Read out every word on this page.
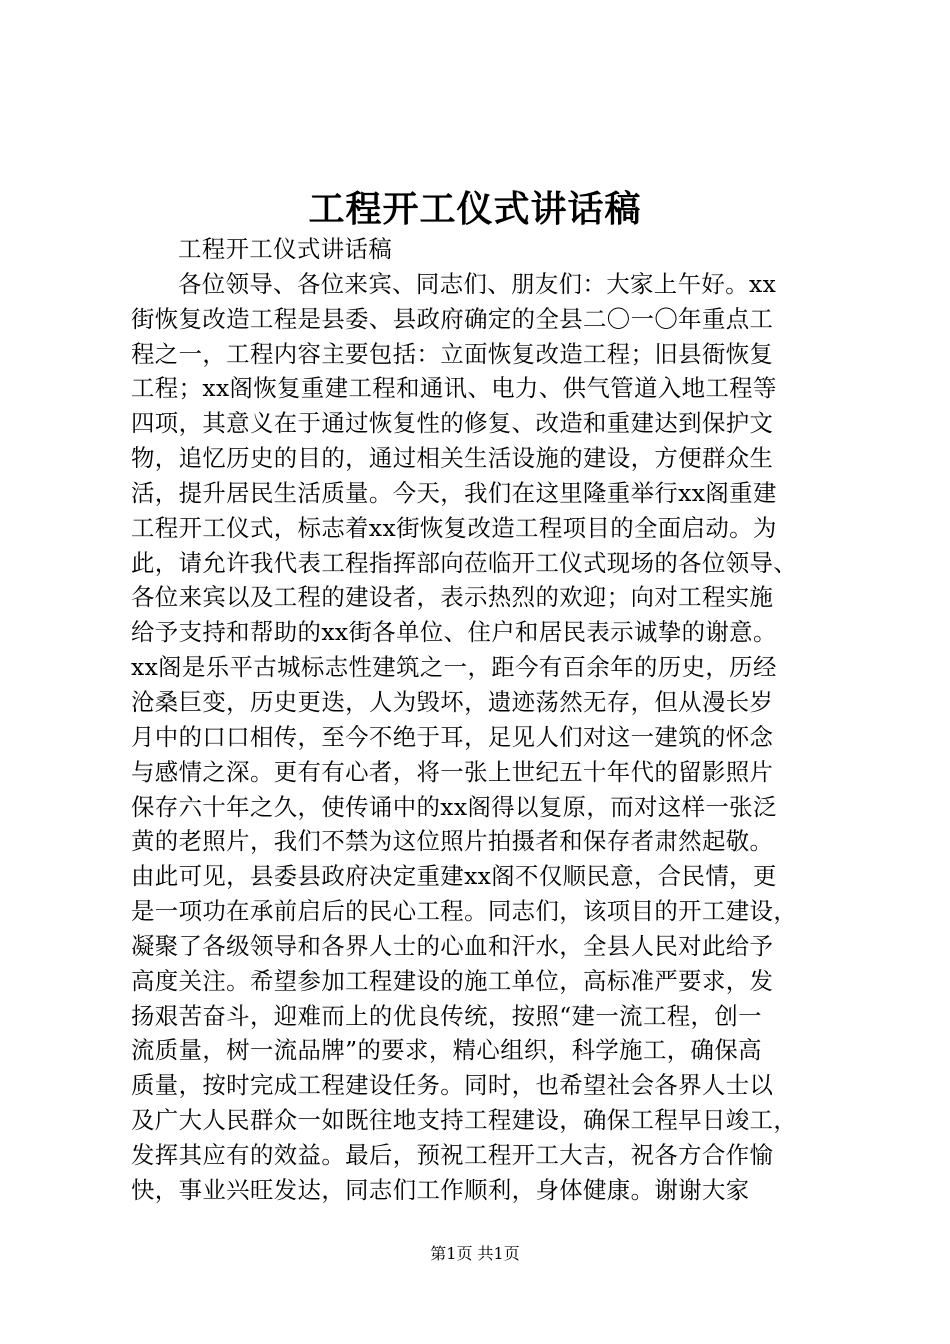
工程开工仪式讲话稿
工程开工仪式讲话稿
各位领导、各位来宾、同志们、朋友们：大家上午好。xx
街恢复改造工程是县委、县政府确定的全县二〇一〇年重点工
程之一，工程内容主要包括：立面恢复改造工程；旧县衙恢复
工程；xx阁恢复重建工程和通讯、电力、供气管道入地工程等
四项，其意义在于通过恢复性的修复、改造和重建达到保护文
物，追忆历史的目的，通过相关生活设施的建设，方便群众生
活，提升居民生活质量。今天，我们在这里隆重举行xx阁重建
工程开工仪式，标志着xx街恢复改造工程项目的全面启动。为
此，请允许我代表工程指挥部向莅临开工仪式现场的各位领导、
各位来宾以及工程的建设者，表示热烈的欢迎；向对工程实施
给予支持和帮助的xx街各单位、住户和居民表示诚挚的谢意。
xx阁是乐平古城标志性建筑之一，距今有百余年的历史，历经
沧桑巨变，历史更迭，人为毁坏，遗迹荡然无存，但从漫长岁
月中的口口相传，至今不绝于耳，足见人们对这一建筑的怀念
与感情之深。更有有心者，将一张上世纪五十年代的留影照片
保存六十年之久，使传诵中的xx阁得以复原，而对这样一张泛
黄的老照片，我们不禁为这位照片拍摄者和保存者肃然起敬。
由此可见，县委县政府决定重建xx阁不仅顺民意，合民情，更
是一项功在承前启后的民心工程。同志们，该项目的开工建设，
凝聚了各级领导和各界人士的心血和汗水，全县人民对此给予
高度关注。希望参加工程建设的施工单位，高标准严要求，发
扬艰苦奋斗，迎难而上的优良传统，按照“建一流工程，创一
流质量，树一流品牌”的要求，精心组织，科学施工，确保高
质量，按时完成工程建设任务。同时，也希望社会各界人士以
及广大人民群众一如既往地支持工程建设，确保工程早日竣工，
发挥其应有的效益。最后，预祝工程开工大吉，祝各方合作愉
快，事业兴旺发达，同志们工作顺利，身体健康。谢谢大家
第1页 共1页
